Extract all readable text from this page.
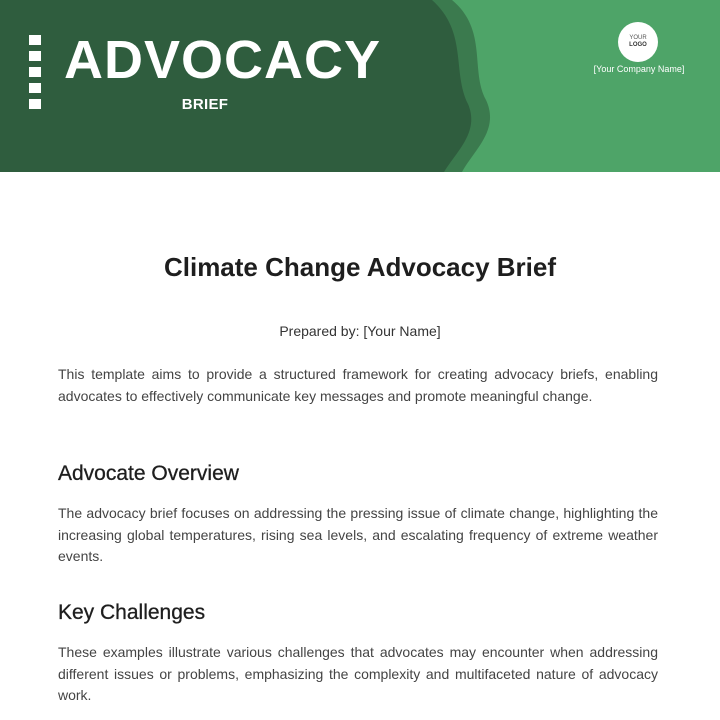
ADVOCACY
BRIEF
YOUR
LOGO
[Your Company Name]
Climate Change Advocacy Brief
Prepared by: [Your Name]

This template aims to provide a structured framework for creating advocacy briefs, enabling advocates to effectively communicate key messages and promote meaningful change.

Advocate Overview

The advocacy brief focuses on addressing the pressing issue of climate change, highlighting the increasing global temperatures, rising sea levels, and escalating frequency of extreme weather events.

Key Challenges

These examples illustrate various challenges that advocates may encounter when addressing different issues or problems, emphasizing the complexity and multifaceted nature of advocacy work.
